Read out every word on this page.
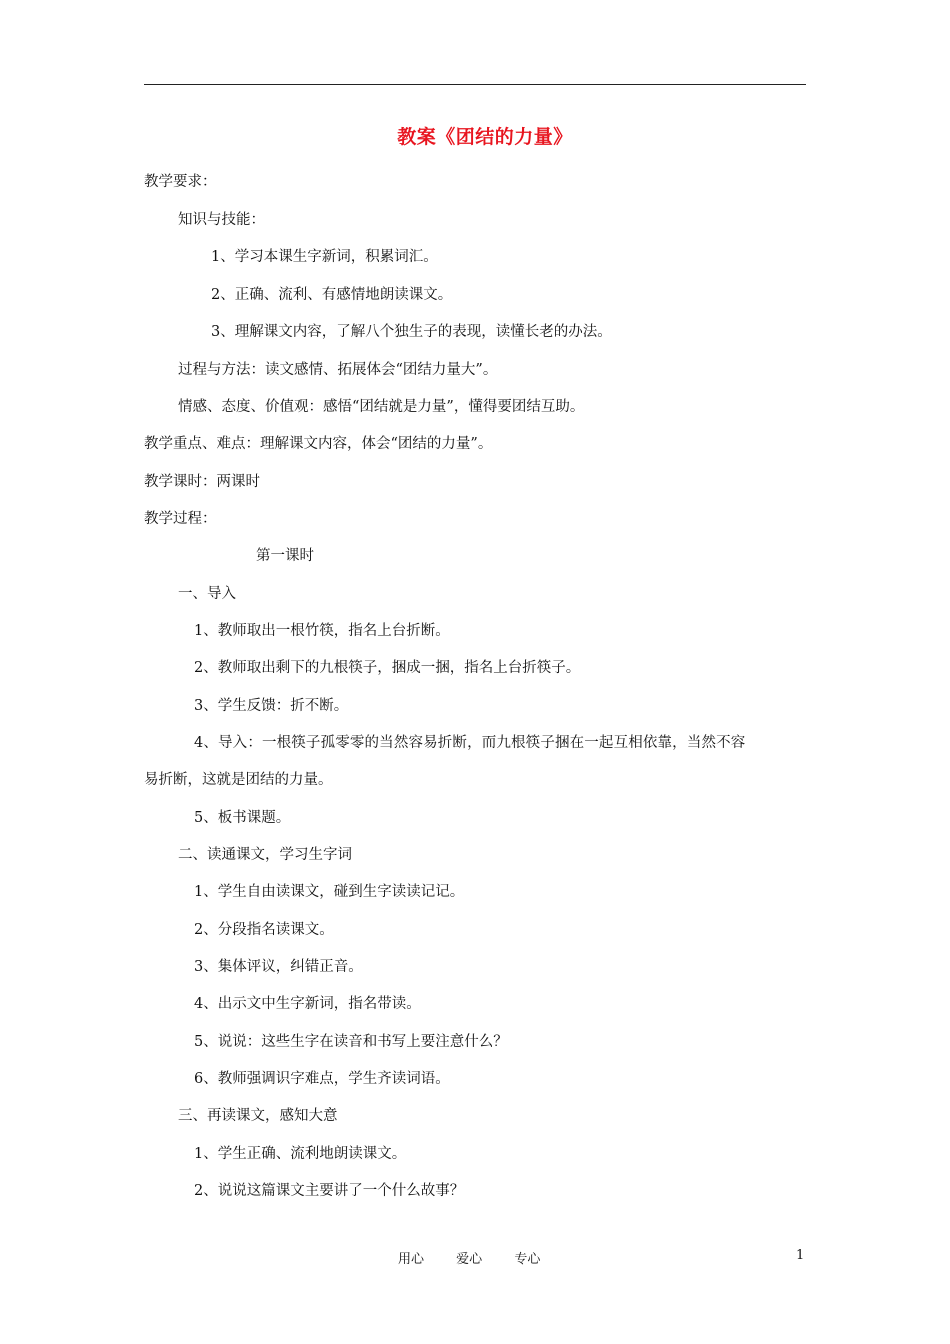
教案《团结的力量》
教学要求：
知识与技能：
1、学习本课生字新词，积累词汇。
2、正确、流利、有感情地朗读课文。
3、理解课文内容，了解八个独生子的表现，读懂长老的办法。
过程与方法：读文感情、拓展体会“团结力量大”。
情感、态度、价值观：感悟“团结就是力量”，懂得要团结互助。
教学重点、难点：理解课文内容，体会“团结的力量”。
教学课时：两课时
教学过程：
第一课时
一、导入
1、教师取出一根竹筷，指名上台折断。
2、教师取出剩下的九根筷子，捆成一捆，指名上台折筷子。
3、学生反馈：折不断。
4、导入：一根筷子孤零零的当然容易折断，而九根筷子捆在一起互相依靠，当然不容
易折断，这就是团结的力量。
5、板书课题。
二、读通课文，学习生字词
1、学生自由读课文，碰到生字读读记记。
2、分段指名读课文。
3、集体评议，纠错正音。
4、出示文中生字新词，指名带读。
5、说说：这些生字在读音和书写上要注意什么？
6、教师强调识字难点，学生齐读词语。
三、再读课文，感知大意
1、学生正确、流利地朗读课文。
2、说说这篇课文主要讲了一个什么故事？
用心 爱心 专心	1
